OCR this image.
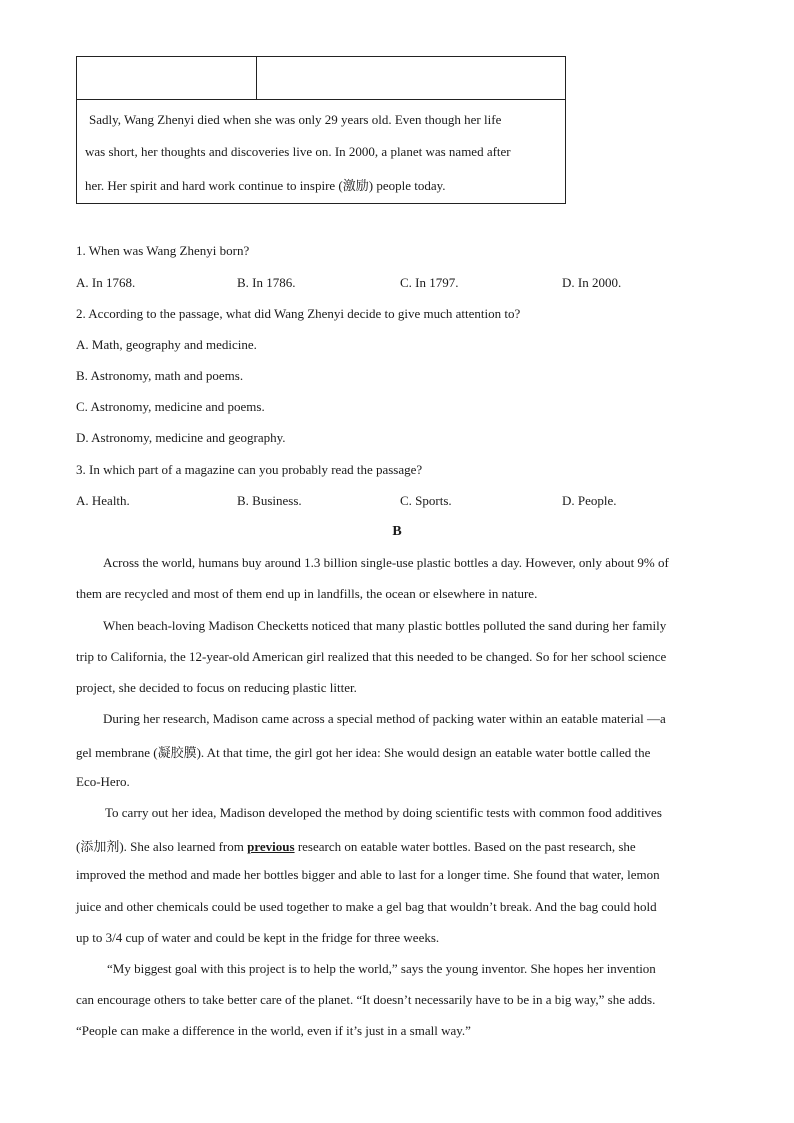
Sadly, Wang Zhenyi died when she was only 29 years old. Even though her life
was short, her thoughts and discoveries live on. In 2000, a planet was named after
her. Her spirit and hard work continue to inspire (激励) people today.
1. When was Wang Zhenyi born?
A. In 1768.	B. In 1786.	C. In 1797.	D. In 2000.
2. According to the passage, what did Wang Zhenyi decide to give much attention to?
A. Math, geography and medicine.
B. Astronomy, math and poems.
C. Astronomy, medicine and poems.
D. Astronomy, medicine and geography.
3. In which part of a magazine can you probably read the passage?
A. Health.	B. Business.	C. Sports.	D. People.
B
Across the world, humans buy around 1.3 billion single-use plastic bottles a day. However, only about 9% of
them are recycled and most of them end up in landfills, the ocean or elsewhere in nature.
When beach-loving Madison Checketts noticed that many plastic bottles polluted the sand during her family
trip to California, the 12-year-old American girl realized that this needed to be changed. So for her school science
project, she decided to focus on reducing plastic litter.
During her research, Madison came across a special method of packing water within an eatable material —a
gel membrane (凝胶膜). At that time, the girl got her idea: She would design an eatable water bottle called the
Eco-Hero.
To carry out her idea, Madison developed the method by doing scientific tests with common food additives
(添加剂). She also learned from previous research on eatable water bottles. Based on the past research, she
improved the method and made her bottles bigger and able to last for a longer time. She found that water, lemon
juice and other chemicals could be used together to make a gel bag that wouldn’t break. And the bag could hold
up to 3/4 cup of water and could be kept in the fridge for three weeks.
“My biggest goal with this project is to help the world,” says the young inventor. She hopes her invention
can encourage others to take better care of the planet. “It doesn’t necessarily have to be in a big way,” she adds.
“People can make a difference in the world, even if it’s just in a small way.”
